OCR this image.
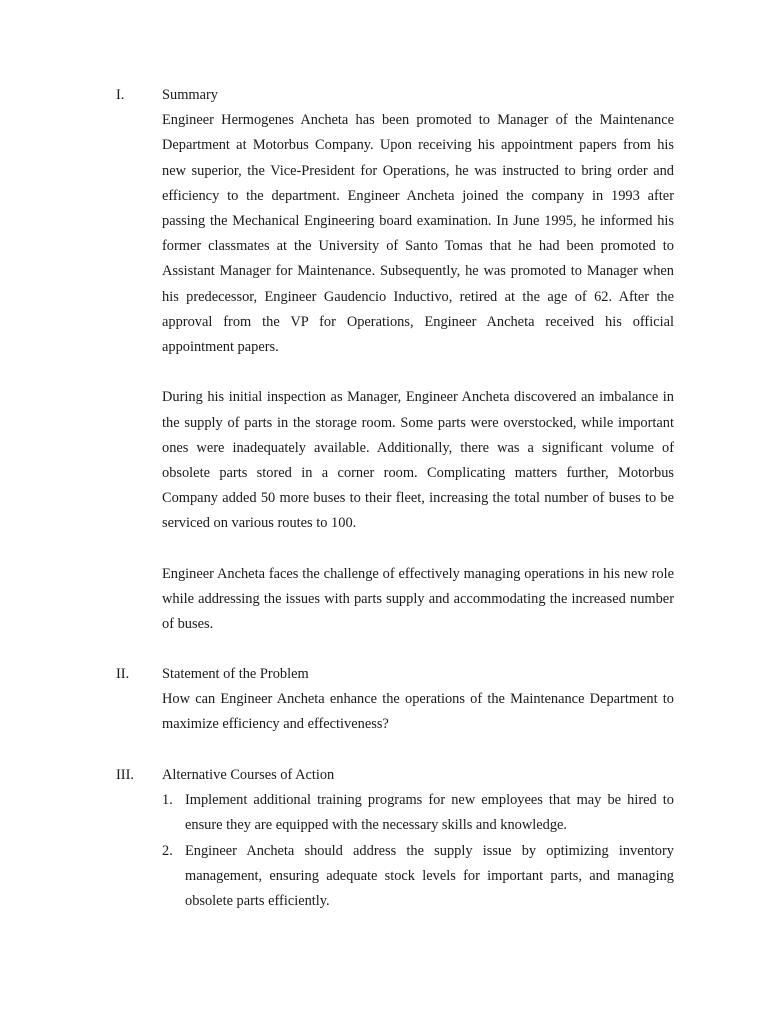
I.	Summary

Engineer Hermogenes Ancheta has been promoted to Manager of the Maintenance Department at Motorbus Company. Upon receiving his appointment papers from his new superior, the Vice-President for Operations, he was instructed to bring order and efficiency to the department. Engineer Ancheta joined the company in 1993 after passing the Mechanical Engineering board examination. In June 1995, he informed his former classmates at the University of Santo Tomas that he had been promoted to Assistant Manager for Maintenance. Subsequently, he was promoted to Manager when his predecessor, Engineer Gaudencio Inductivo, retired at the age of 62. After the approval from the VP for Operations, Engineer Ancheta received his official appointment papers.

During his initial inspection as Manager, Engineer Ancheta discovered an imbalance in the supply of parts in the storage room. Some parts were overstocked, while important ones were inadequately available. Additionally, there was a significant volume of obsolete parts stored in a corner room. Complicating matters further, Motorbus Company added 50 more buses to their fleet, increasing the total number of buses to be serviced on various routes to 100.

Engineer Ancheta faces the challenge of effectively managing operations in his new role while addressing the issues with parts supply and accommodating the increased number of buses.

II. Statement of the Problem

How can Engineer Ancheta enhance the operations of the Maintenance Department to maximize efficiency and effectiveness?

III. Alternative Courses of Action
1. Implement additional training programs for new employees that may be hired to ensure they are equipped with the necessary skills and knowledge.
2. Engineer Ancheta should address the supply issue by optimizing inventory management, ensuring adequate stock levels for important parts, and managing obsolete parts efficiently.
